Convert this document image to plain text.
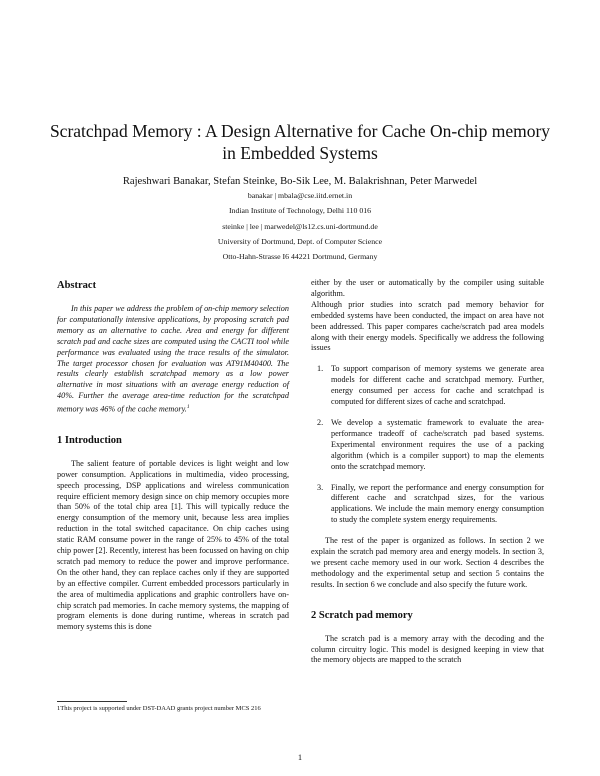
Scratchpad Memory : A Design Alternative for Cache On-chip memory
in Embedded Systems
Rajeshwari Banakar, Stefan Steinke, Bo-Sik Lee, M. Balakrishnan, Peter Marwedel
banakar | mbala@cse.iitd.ernet.in
Indian Institute of Technology, Delhi 110 016
steinke | lee | marwedel@ls12.cs.uni-dortmund.de
University of Dortmund, Dept. of Computer Science
Otto-Hahn-Strasse I6 44221 Dortmund, Germany
Abstract

In this paper we address the problem of on-chip memory selection for computationally intensive applications, by proposing scratch pad memory as an alternative to cache. Area and energy for different scratch pad and cache sizes are computed using the CACTI tool while performance was evaluated using the trace results of the simulator. The target processor chosen for evaluation was AT91M40400. The results clearly establish scratchpad memory as a low power alternative in most situations with an average energy reduction of 40%. Further the average area-time reduction for the scratchpad memory was 46% of the cache memory.$^1$

1 Introduction

The salient feature of portable devices is light weight and low power consumption. Applications in multimedia, video processing, speech processing, DSP applications and wireless communication require efficient memory design since on chip memory occupies more than 50% of the total chip area [1]. This will typically reduce the energy consumption of the memory unit, because less area implies reduction in the total switched capacitance. On chip caches using static RAM consume power in the range of 25% to 45% of the total chip power [2]. Recently, interest has been focussed on having on chip scratch pad memory to reduce the power and improve performance. On the other hand, they can replace caches only if they are supported by an effective compiler. Current embedded processors particularly in the area of multimedia applications and graphic controllers have on-chip scratch pad memories. In cache memory systems, the mapping of program elements is done during runtime, whereas in scratch pad memory systems this is done

1This project is supported under DST-DAAD grants project number MCS 216

either by the user or automatically by the compiler using suitable algorithm.

Although prior studies into scratch pad memory behavior for embedded systems have been conducted, the impact on area have not been addressed. This paper compares cache/scratch pad area models along with their energy models. Specifically we address the following issues

1. To support comparison of memory systems we generate area models for different cache and scratchpad memory. Further, energy consumed per access for cache and scratchpad is computed for different sizes of cache and scratchpad.
2. We develop a systematic framework to evaluate the area-performance tradeoff of cache/scratch pad based systems. Experimental environment requires the use of a packing algorithm (which is a compiler support) to map the elements onto the scratchpad memory.
3. Finally, we report the performance and energy consumption for different cache and scratchpad sizes, for the various applications. We include the main memory energy consumption to study the complete system energy requirements.

The rest of the paper is organized as follows. In section 2 we explain the scratch pad memory area and energy models. In section 3, we present cache memory used in our work. Section 4 describes the methodology and the experimental setup and section 5 contains the results. In section 6 we conclude and also specify the future work.

2 Scratch pad memory

The scratch pad is a memory array with the decoding and the column circuitry logic. This model is designed keeping in view that the memory objects are mapped to the scratch

1
